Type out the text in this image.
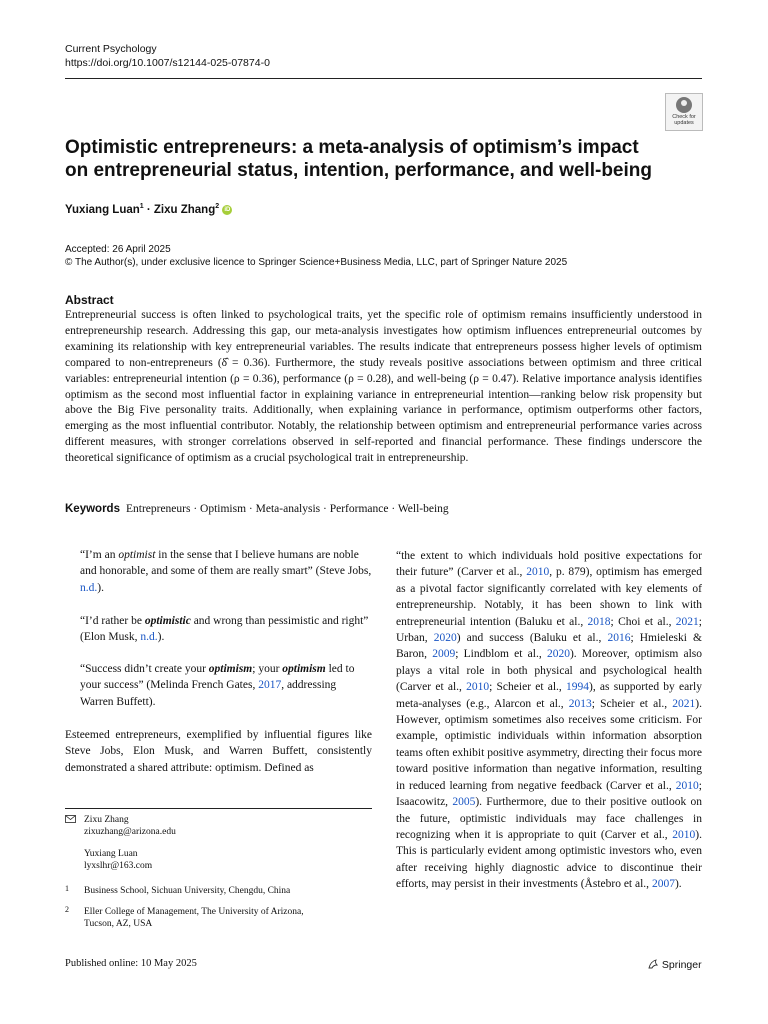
Current Psychology
https://doi.org/10.1007/s12144-025-07874-0
Check for updates
Optimistic entrepreneurs: a meta-analysis of optimism’s impact on entrepreneurial status, intention, performance, and well-being
Yuxiang Luan$^1$ · Zixu Zhang$^2$ iD
Accepted: 26 April 2025
© The Author(s), under exclusive licence to Springer Science+Business Media, LLC, part of Springer Nature 2025
Abstract
Entrepreneurial success is often linked to psychological traits, yet the specific role of optimism remains insufficiently understood in entrepreneurship research. Addressing this gap, our meta-analysis investigates how optimism influences entrepreneurial outcomes by examining its relationship with key entrepreneurial variables. The results indicate that entrepreneurs possess higher levels of optimism compared to non-entrepreneurs (δ̂ = 0.36). Furthermore, the study reveals positive associations between optimism and three critical variables: entrepreneurial intention (ρ = 0.36), performance (ρ = 0.28), and well-being (ρ = 0.47). Relative importance analysis identifies optimism as the second most influential factor in explaining variance in entrepreneurial intention—ranking below risk propensity but above the Big Five personality traits. Additionally, when explaining variance in performance, optimism outperforms other factors, emerging as the most influential contributor. Notably, the relationship between optimism and entrepreneurial performance varies across different measures, with stronger correlations observed in self-reported and financial performance. These findings underscore the theoretical significance of optimism as a crucial psychological trait in entrepreneurship.
Keywords Entrepreneurs · Optimism · Meta-analysis · Performance · Well-being
“I’m an optimist in the sense that I believe humans are noble and honorable, and some of them are really smart” (Steve Jobs, n.d.).
“I’d rather be optimistic and wrong than pessimistic and right” (Elon Musk, n.d.).
“Success didn’t create your optimism; your optimism led to your success” (Melinda French Gates, 2017, addressing Warren Buffett).
Esteemed entrepreneurs, exemplified by influential figures like Steve Jobs, Elon Musk, and Warren Buffett, consistently demonstrated a shared attribute: optimism. Defined as
“the extent to which individuals hold positive expectations for their future” (Carver et al., 2010, p. 879), optimism has emerged as a pivotal factor significantly correlated with key elements of entrepreneurship. Notably, it has been shown to link with entrepreneurial intention (Baluku et al., 2018; Choi et al., 2021; Urban, 2020) and success (Baluku et al., 2016; Hmieleski & Baron, 2009; Lindblom et al., 2020). Moreover, optimism also plays a vital role in both physical and psychological health (Carver et al., 2010; Scheier et al., 1994), as supported by early meta-analyses (e.g., Alarcon et al., 2013; Scheier et al., 2021). However, optimism sometimes also receives some criticism. For example, optimistic individuals within information absorption teams often exhibit positive asymmetry, directing their focus more toward positive information than negative information, resulting in reduced learning from negative feedback (Carver et al., 2010; Isaacowitz, 2005). Furthermore, due to their positive outlook on the future, optimistic individuals may face challenges in recognizing when it is appropriate to quit (Carver et al., 2010). This is particularly evident among optimistic investors who, even after receiving highly diagnostic advice to discontinue their efforts, may persist in their investments (Åstebro et al., 2007).
Zixu Zhang
zixuzhang@arizona.edu
Yuxiang Luan
lyxslhr@163.com
1 Business School, Sichuan University, Chengdu, China
2 Eller College of Management, The University of Arizona,
Tucson, AZ, USA
Published online: 10 May 2025	Springer
